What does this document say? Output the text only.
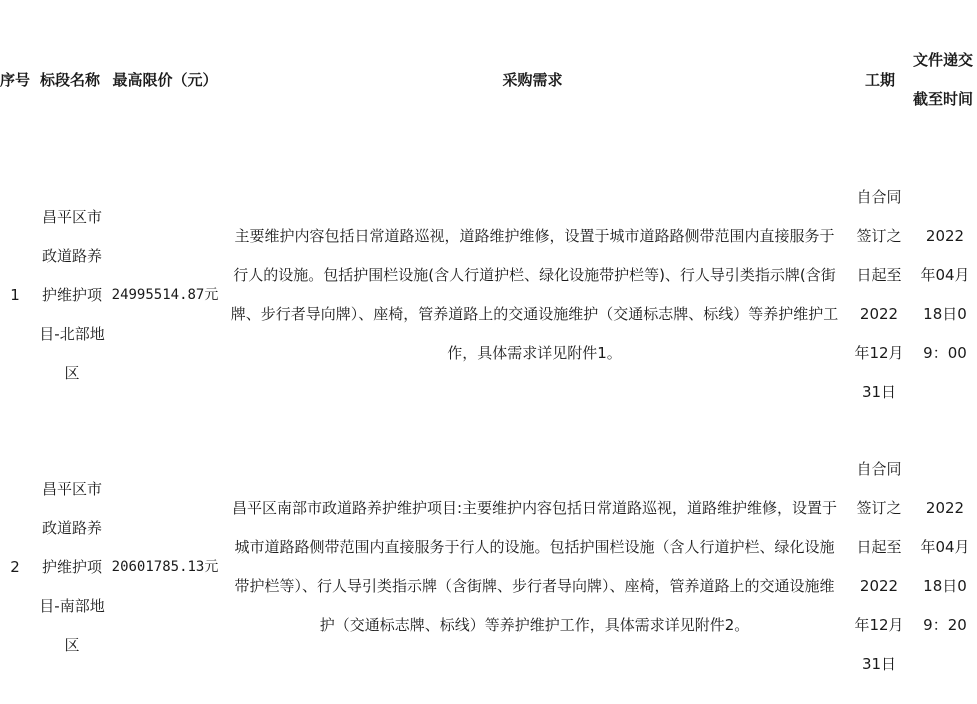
序号	标段名称	最高限价（元）	采购需求	工期	文件递交截至时间
1	昌平区市政道路养护维护项目-北部地区	24995514.87元	主要维护内容包括日常道路巡视，道路维护维修，设置于城市道路路侧带范围内直接服务于行人的设施。包括护围栏设施(含人行道护栏、绿化设施带护栏等)、行人导引类指示牌(含街牌、步行者导向牌）、座椅，管养道路上的交通设施维护（交通标志牌、标线）等养护维护工作，具体需求详见附件1。	自合同签订之日起至2022年12月31日	2022年04月18日09：00
2	昌平区市政道路养护维护项目-南部地区	20601785.13元	昌平区南部市政道路养护维护项目:主要维护内容包括日常道路巡视，道路维护维修，设置于城市道路路侧带范围内直接服务于行人的设施。包括护围栏设施（含人行道护栏、绿化设施带护栏等）、行人导引类指示牌（含街牌、步行者导向牌）、座椅，管养道路上的交通设施维护（交通标志牌、标线）等养护维护工作，具体需求详见附件2。	自合同签订之日起至2022年12月31日	2022年04月18日09：20
